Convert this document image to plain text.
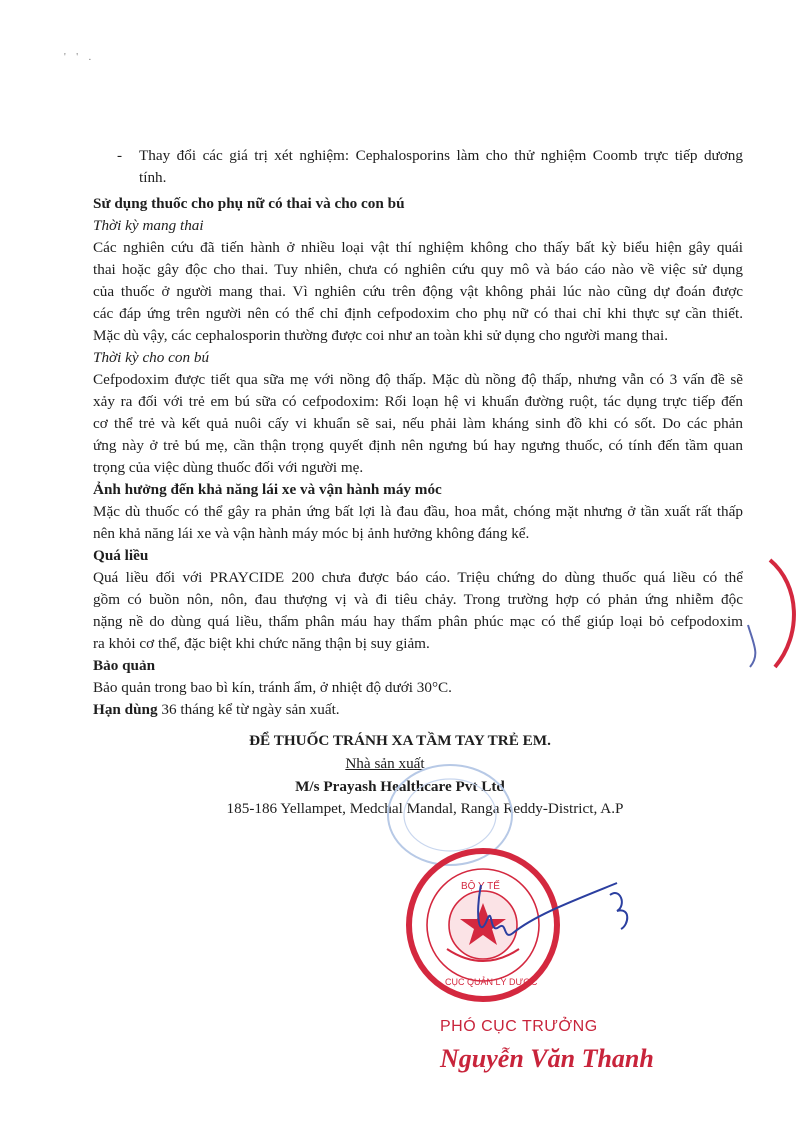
' ' .
- Thay đổi các giá trị xét nghiệm: Cephalosporins làm cho thử nghiệm Coomb trực tiếp dương
tính.
Sử dụng thuốc cho phụ nữ có thai và cho con bú
Thời kỳ mang thai
Các nghiên cứu đã tiến hành ở nhiều loại vật thí nghiệm không cho thấy bất kỳ biểu hiện gây quái
thai hoặc gây độc cho thai. Tuy nhiên, chưa có nghiên cứu quy mô và báo cáo nào về việc sử dụng
của thuốc ở người mang thai. Vì nghiên cứu trên động vật không phải lúc nào cũng dự đoán được
các đáp ứng trên người nên có thể chỉ định cefpodoxim cho phụ nữ có thai chỉ khi thực sự cần thiết.
Mặc dù vậy, các cephalosporin thường được coi như an toàn khi sử dụng cho người mang thai.
Thời kỳ cho con bú
Cefpodoxim được tiết qua sữa mẹ với nồng độ thấp. Mặc dù nồng độ thấp, nhưng vẫn có 3 vấn đề sẽ
xảy ra đối với trẻ em bú sữa có cefpodoxim: Rối loạn hệ vi khuẩn đường ruột, tác dụng trực tiếp đến
cơ thể trẻ và kết quả nuôi cấy vi khuẩn sẽ sai, nếu phải làm kháng sinh đồ khi có sốt. Do các phản
ứng này ở trẻ bú mẹ, cần thận trọng quyết định nên ngưng bú hay ngưng thuốc, có tính đến tầm quan
trọng của việc dùng thuốc đối với người mẹ.
Ảnh hưởng đến khả năng lái xe và vận hành máy móc
Mặc dù thuốc có thể gây ra phản ứng bất lợi là đau đầu, hoa mắt, chóng mặt nhưng ở tần xuất rất thấp
nên khả năng lái xe và vận hành máy móc bị ảnh hưởng không đáng kể.
Quá liều
Quá liều đối với PRAYCIDE 200 chưa được báo cáo. Triệu chứng do dùng thuốc quá liều có thể
gồm có buồn nôn, nôn, đau thượng vị và đi tiêu chảy. Trong trường hợp có phản ứng nhiễm độc
nặng nề do dùng quá liều, thẩm phân máu hay thẩm phân phúc mạc có thể giúp loại bỏ cefpodoxim
ra khỏi cơ thể, đặc biệt khi chức năng thận bị suy giảm.
Bảo quản
Bảo quản trong bao bì kín, tránh ẩm, ở nhiệt độ dưới 30°C.
Hạn dùng 36 tháng kể từ ngày sản xuất.
ĐỂ THUỐC TRÁNH XA TẦM TAY TRẺ EM.
Nhà sản xuất
M/s Prayash Healthcare Pvt Ltd
185-186 Yellampet, Medchal Mandal, Ranga Reddy-District, A.P
BỘ Y TẾ
CỤC QUẢN LÝ DƯỢC
PHÓ CỤC TRƯỞNG
Nguyễn Văn Thanh
